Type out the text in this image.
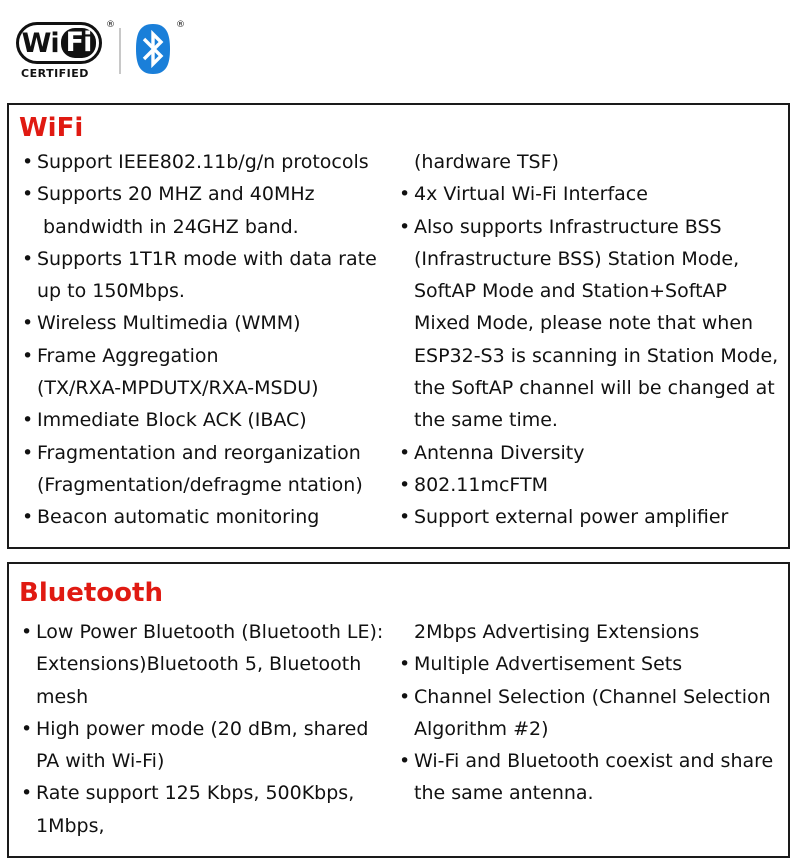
Wi Fi
®
CERTIFIED
®
WiFi
• Support IEEE802.11b/g/n protocols
• Supports 20 MHZ and 40MHz
bandwidth in 24GHZ band.
• Supports 1T1R mode with data rate
up to 150Mbps.
• Wireless Multimedia (WMM)
• Frame Aggregation
(TX/RXA-MPDUTX/RXA-MSDU)
• Immediate Block ACK (IBAC)
• Fragmentation and reorganization
(Fragmentation/defragme ntation)
• Beacon automatic monitoring
(hardware TSF)
• 4x Virtual Wi-Fi Interface
• Also supports Infrastructure BSS
(Infrastructure BSS) Station Mode,
SoftAP Mode and Station+SoftAP
Mixed Mode, please note that when
ESP32-S3 is scanning in Station Mode,
the SoftAP channel will be changed at
the same time.
• Antenna Diversity
• 802.11mcFTM
• Support external power amplifier
Bluetooth
• Low Power Bluetooth (Bluetooth LE):
Extensions)Bluetooth 5, Bluetooth
mesh
• High power mode (20 dBm, shared
PA with Wi-Fi)
• Rate support 125 Kbps, 500Kbps,
1Mbps,
2Mbps Advertising Extensions
• Multiple Advertisement Sets
• Channel Selection (Channel Selection
Algorithm #2)
• Wi-Fi and Bluetooth coexist and share
the same antenna.
